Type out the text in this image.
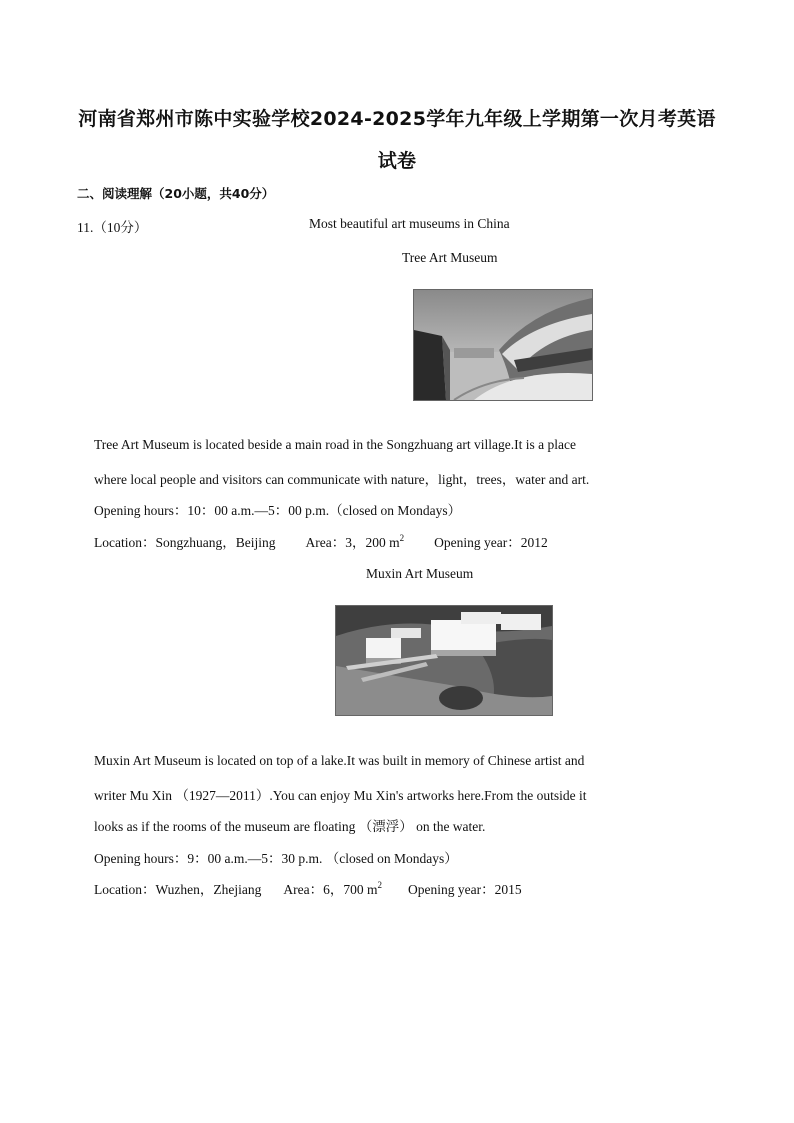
河南省郑州市陈中实验学校2024-2025学年九年级上学期第一次月考英语
试卷
二、阅读理解（20小题，共40分）
11.（10分）	Most beautiful art museums in China
Tree Art Museum
Tree Art Museum is located beside a main road in the Songzhuang art village.It is a place
where local people and visitors can communicate with nature，light，trees，water and art.
Opening hours：10：00 a.m.—5：00 p.m.（closed on Mondays）
Location：Songzhuang，Beijing Area：3，200 $m^2$ Opening year：2012
Muxin Art Museum
Muxin Art Museum is located on top of a lake.It was built in memory of Chinese artist and
writer Mu Xin （1927—2011）.You can enjoy Mu Xin's artworks here.From the outside it
looks as if the rooms of the museum are floating （漂浮） on the water.
Opening hours：9：00 a.m.—5：30 p.m. （closed on Mondays）
Location：Wuzhen，Zhejiang Area：6，700 $m^2$ Opening year：2015
